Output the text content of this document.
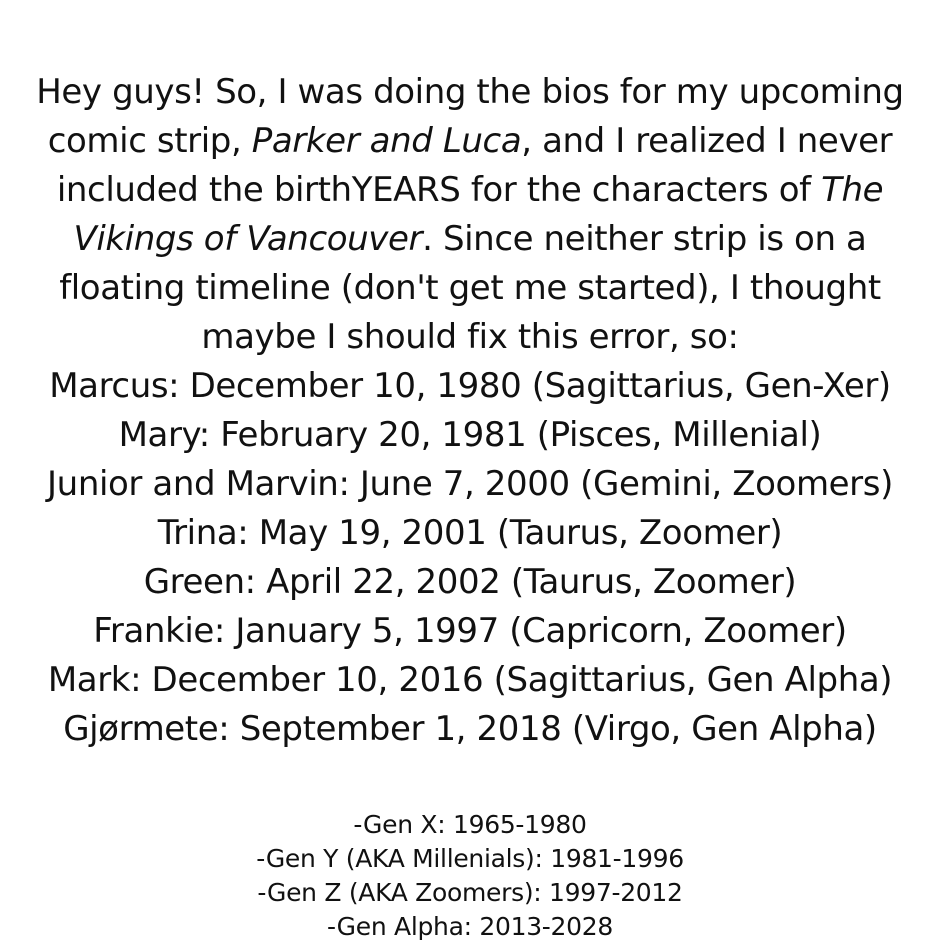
Hey guys! So, I was doing the bios for my upcoming
comic strip, Parker and Luca, and I realized I never
included the birthYEARS for the characters of The
Vikings of Vancouver. Since neither strip is on a
floating timeline (don't get me started), I thought
maybe I should fix this error, so:
Marcus: December 10, 1980 (Sagittarius, Gen-Xer)
Mary: February 20, 1981 (Pisces, Millenial)
Junior and Marvin: June 7, 2000 (Gemini, Zoomers)
Trina: May 19, 2001 (Taurus, Zoomer)
Green: April 22, 2002 (Taurus, Zoomer)
Frankie: January 5, 1997 (Capricorn, Zoomer)
Mark: December 10, 2016 (Sagittarius, Gen Alpha)
Gjørmete: September 1, 2018 (Virgo, Gen Alpha)
-Gen X: 1965-1980
-Gen Y (AKA Millenials): 1981-1996
-Gen Z (AKA Zoomers): 1997-2012
-Gen Alpha: 2013-2028
